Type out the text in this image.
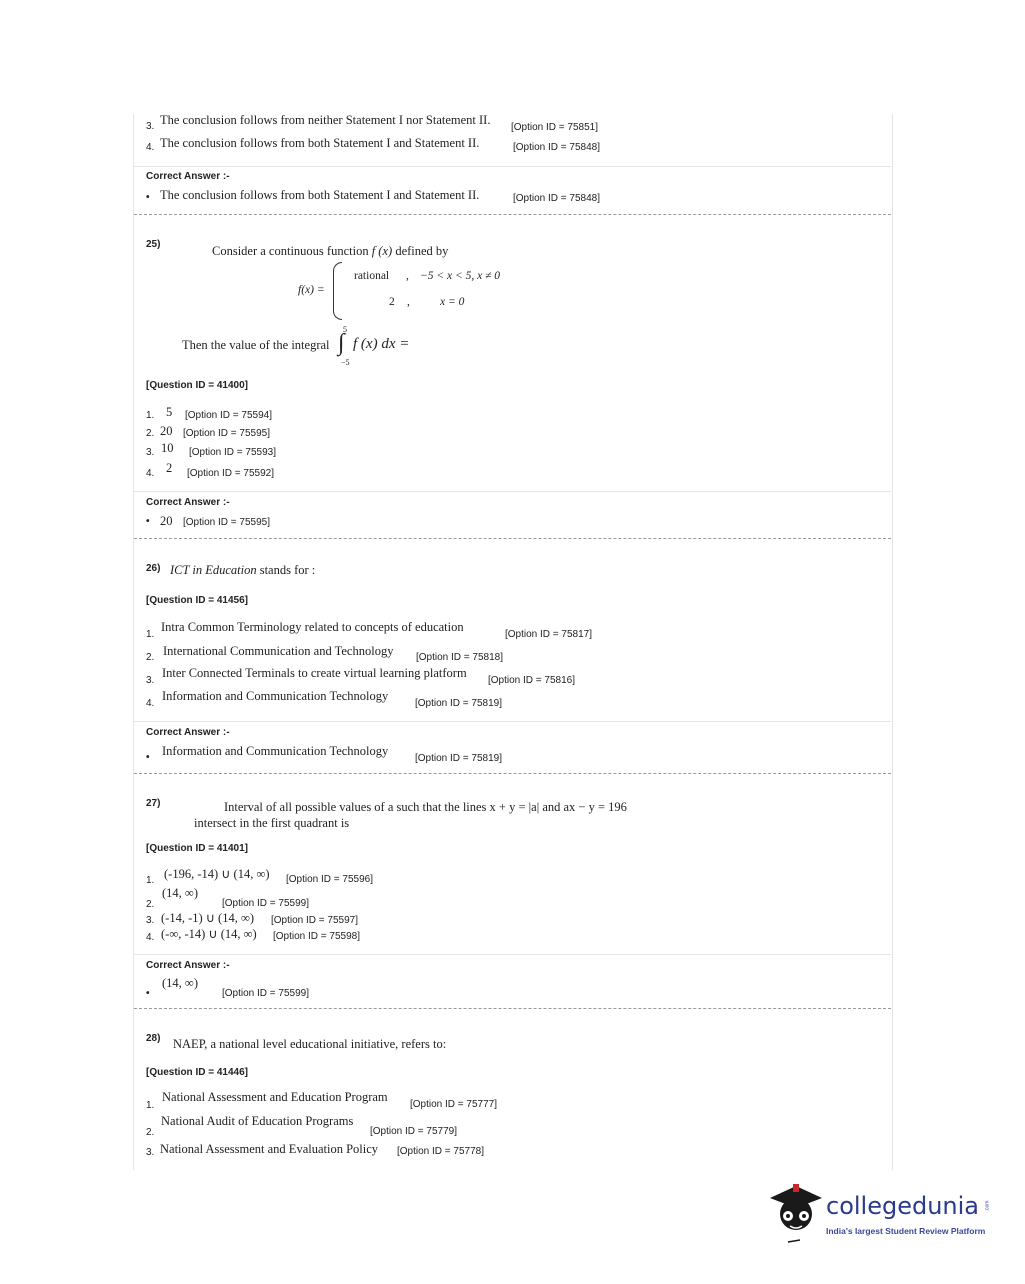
3. The conclusion follows from neither Statement I nor Statement II.
[Option ID = 75851]
4. The conclusion follows from both Statement I and Statement II.	[Option ID = 75848]
Correct Answer :-
• The conclusion follows from both Statement I and Statement II.	[Option ID = 75848]
25)	Consider a continuous function f (x) defined by
f(x) =
rational , −5 < x < 5, x ≠ 0
2 ,	x = 0
Then the value of the integral
5
∫
−5
f (x) dx =
[Question ID = 41400]
1. 5 [Option ID = 75594]
2. 20 [Option ID = 75595]
3. 10 [Option ID = 75593]
4. 2 [Option ID = 75592]
Correct Answer :-
• 20 [Option ID = 75595]
26) ICT in Education stands for :
[Question ID = 41456]
1.
Intra Common Terminology related to concepts of education
[Option ID = 75817]
2. International Communication and Technology [Option ID = 75818]
3.
Inter Connected Terminals to create virtual learning platform
[Option ID = 75816]
4.
Information and Communication Technology
[Option ID = 75819]
Correct Answer :-
• Information and Communication Technology
[Option ID = 75819]
27)	Interval of all possible values of a such that the lines x + y = |a| and ax − y = 196
intersect in the first quadrant is
[Question ID = 41401]
1. (-196, -14) ∪ (14, ∞) [Option ID = 75596]
2.
(14, ∞)
[Option ID = 75599]
3. (-14, -1) ∪ (14, ∞) [Option ID = 75597]
4. (-∞, -14) ∪ (14, ∞) [Option ID = 75598]
Correct Answer :-
•
(14, ∞)
[Option ID = 75599]
28) NAEP, a national level educational initiative, refers to:
[Question ID = 41446]
1.
National Assessment and Education Program
[Option ID = 75777]
2.
National Audit of Education Programs
[Option ID = 75779]
3. National Assessment and Evaluation Policy [Option ID = 75778]
collegedunia .com
India's largest Student Review Platform
